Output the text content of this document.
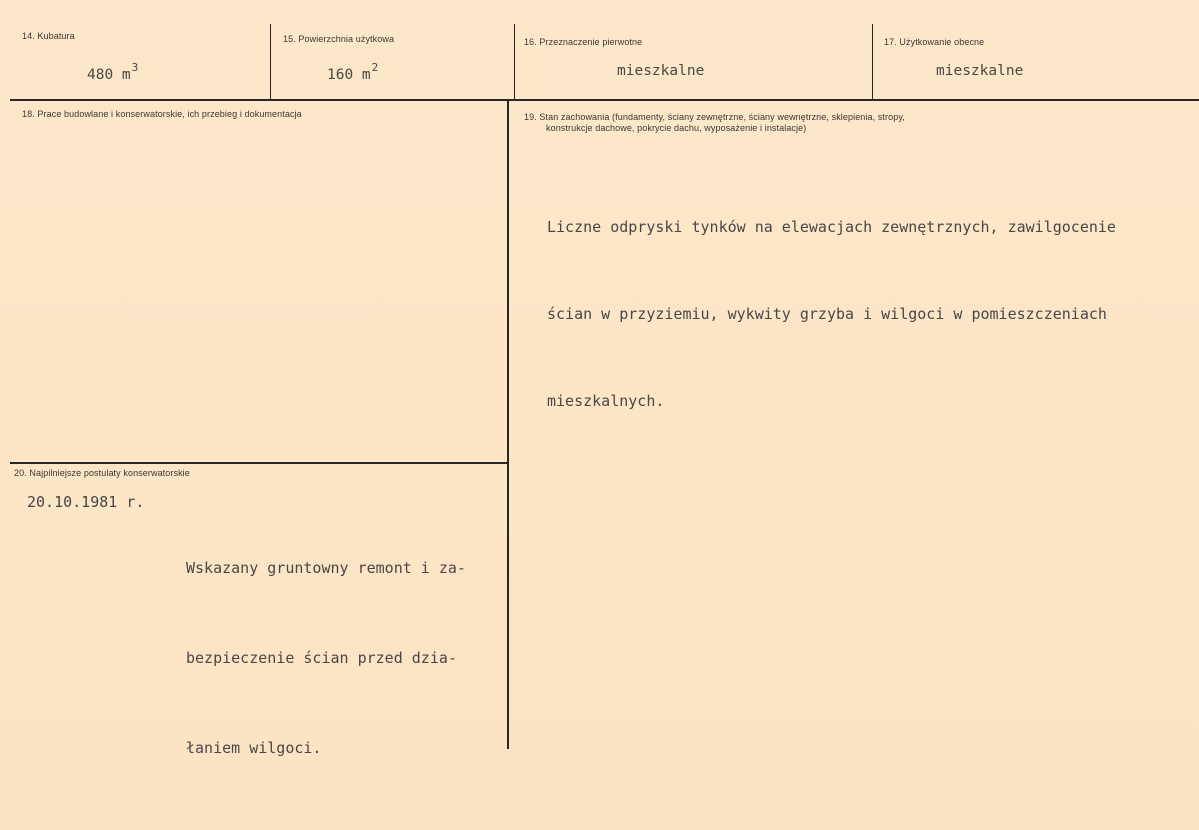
14. Kubatura
480 $m^3$
15. Powierzchnia użytkowa
160 $m^2$
16. Przeznaczenie pierwotne
mieszkalne
17. Użytkowanie obecne
mieszkalne
18. Prace budowlane i konserwatorskie, ich przebieg i dokumentacja	19. Stan zachowania (fundamenty, ściany zewnętrzne, ściany wewnętrzne, sklepienia, stropy,
konstrukcje dachowe, pokrycie dachu, wyposażenie i instalacje)

Liczne odpryski tynków na elewacjach zewnętrznych, zawilgocenie

ścian w przyziemiu, wykwity grzyba i wilgoci w pomieszczeniach

mieszkalnych.

20. Najpilniejsze postulaty konserwatorskie
20.10.1981 r.

Wskazany gruntowny remont i za-

bezpieczenie ścian przed dzia-

łaniem wilgoci.
